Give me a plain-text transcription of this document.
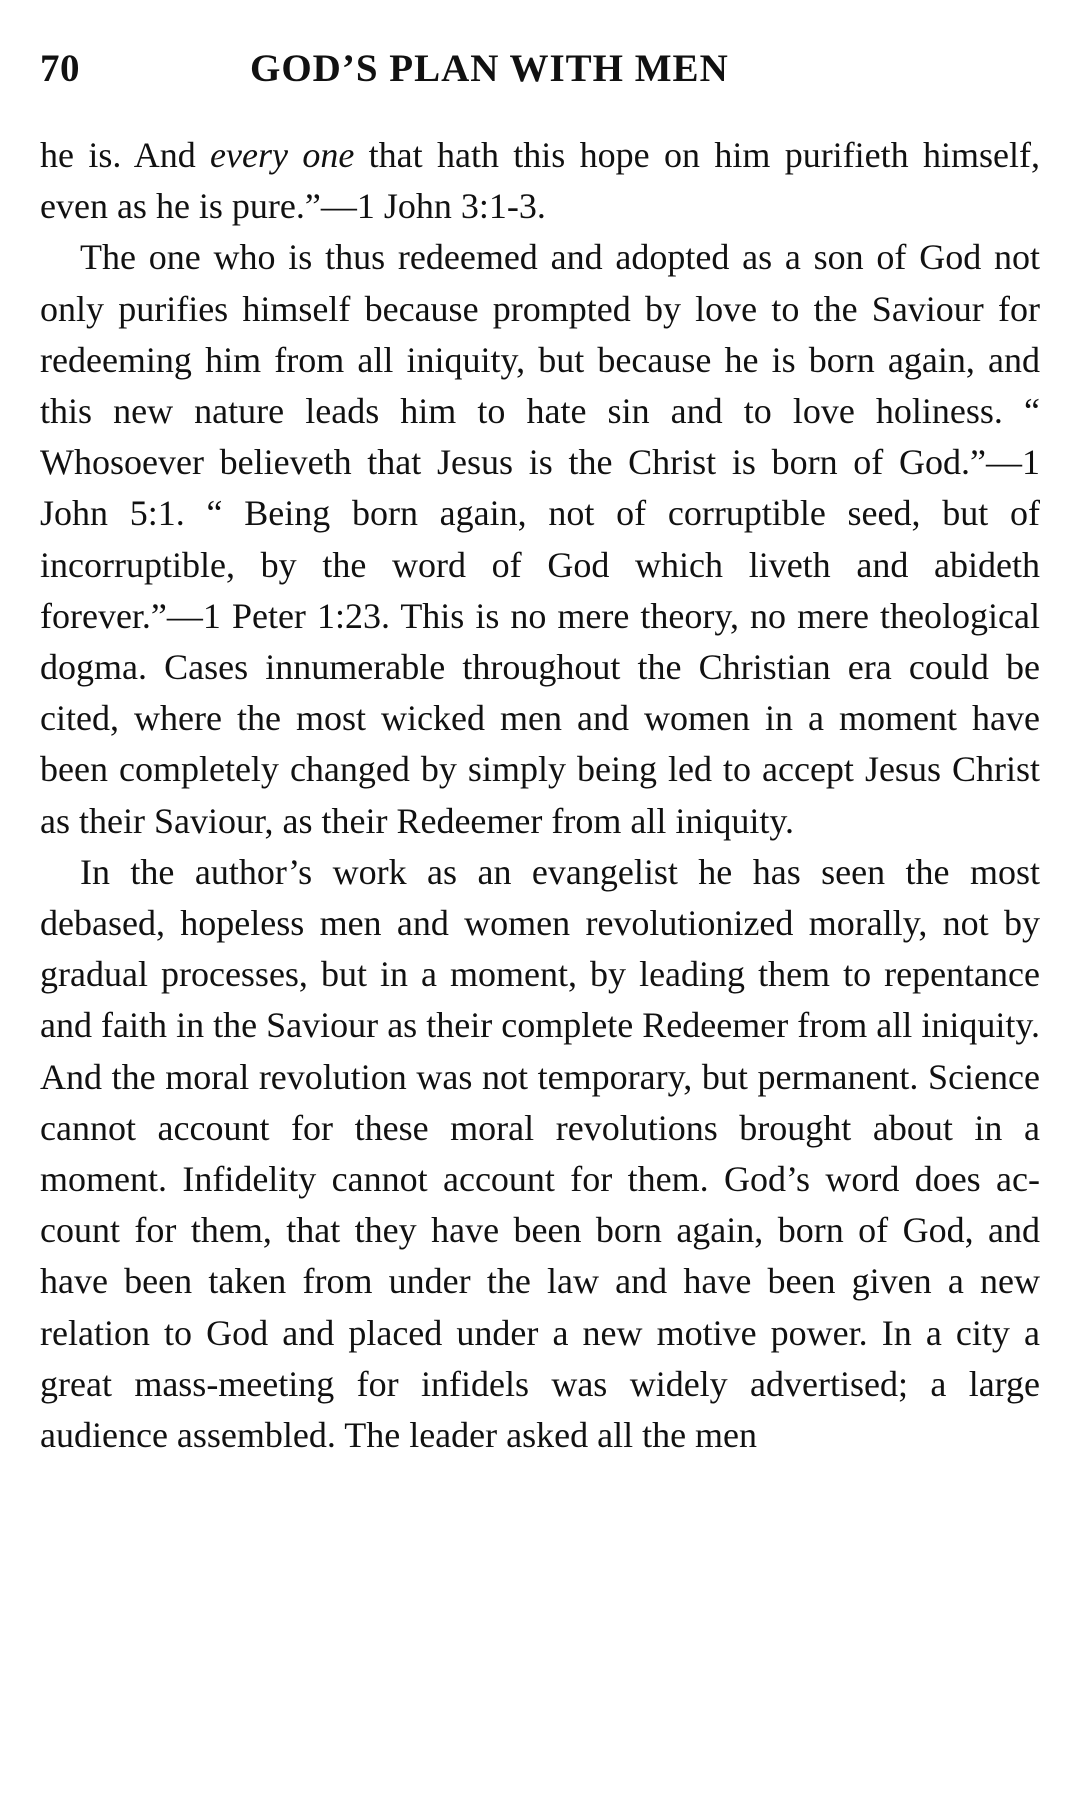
70	GOD’S PLAN WITH MEN

he is. And every one that hath this hope on him purifieth himself, even as he is pure.”—1 John 3:1-3.

The one who is thus redeemed and adopted as a son of God not only purifies himself because prompted by love to the Saviour for redeeming him from all iniquity, but because he is born again, and this new nature leads him to hate sin and to love holiness. “ Whosoever believeth that Jesus is the Christ is born of God.”—1 John 5:1. “ Being born again, not of corruptible seed, but of incorruptible, by the word of God which liveth and abideth forever.”—1 Peter 1:23. This is no mere theory, no mere theological dogma. Cases innumerable throughout the Christian era could be cited, where the most wicked men and women in a moment have been completely changed by simply being led to accept Jesus Christ as their Saviour, as their Redeemer from all iniquity.

In the author’s work as an evangelist he has seen the most debased, hopeless men and women revolutionized morally, not by gradual processes, but in a moment, by leading them to repentance and faith in the Saviour as their complete Redeemer from all iniquity. And the moral revolution was not temporary, but permanent. Science cannot account for these moral revolutions brought about in a moment. Infidelity cannot account for them. God’s word does account for them, that they have been born again, born of God, and have been taken from under the law and have been given a new relation to God and placed under a new motive power. In a city a great mass-meeting for infidels was widely advertised; a large audience assembled. The leader asked all the men
